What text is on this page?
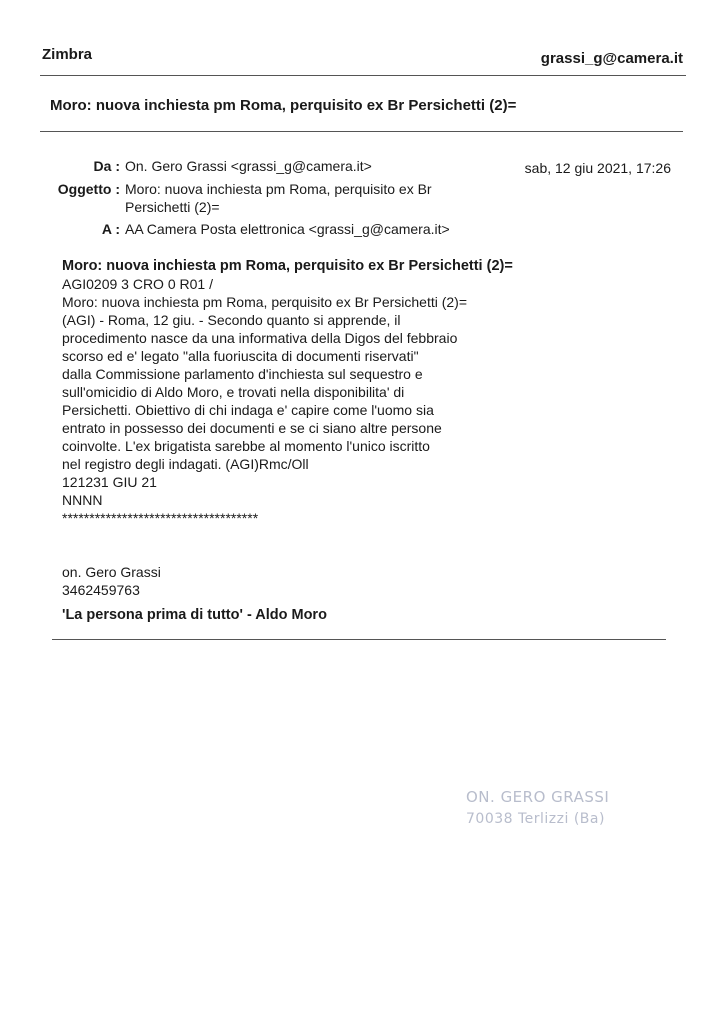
Zimbra	grassi_g@camera.it
Moro: nuova inchiesta pm Roma, perquisito ex Br Persichetti (2)=
Da : On. Gero Grassi <grassi_g@camera.it>	sab, 12 giu 2021, 17:26
Oggetto : Moro: nuova inchiesta pm Roma, perquisito ex Br Persichetti (2)=
A : AA Camera Posta elettronica <grassi_g@camera.it>
Moro: nuova inchiesta pm Roma, perquisito ex Br Persichetti (2)=
AGI0209 3 CRO 0 R01 /
Moro: nuova inchiesta pm Roma, perquisito ex Br Persichetti (2)=
(AGI) - Roma, 12 giu. - Secondo quanto si apprende, il
procedimento nasce da una informativa della Digos del febbraio
scorso ed e' legato "alla fuoriuscita di documenti riservati"
dalla Commissione parlamento d'inchiesta sul sequestro e
sull'omicidio di Aldo Moro, e trovati nella disponibilita' di
Persichetti. Obiettivo di chi indaga e' capire come l'uomo sia
entrato in possesso dei documenti e se ci siano altre persone
coinvolte. L'ex brigatista sarebbe al momento l'unico iscritto
nel registro degli indagati. (AGI)Rmc/Oll
121231 GIU 21
NNNN
************************************

on. Gero Grassi
3462459763
'La persona prima di tutto' - Aldo Moro
ON. GERO GRASSI
70038 Terlizzi (Ba)
